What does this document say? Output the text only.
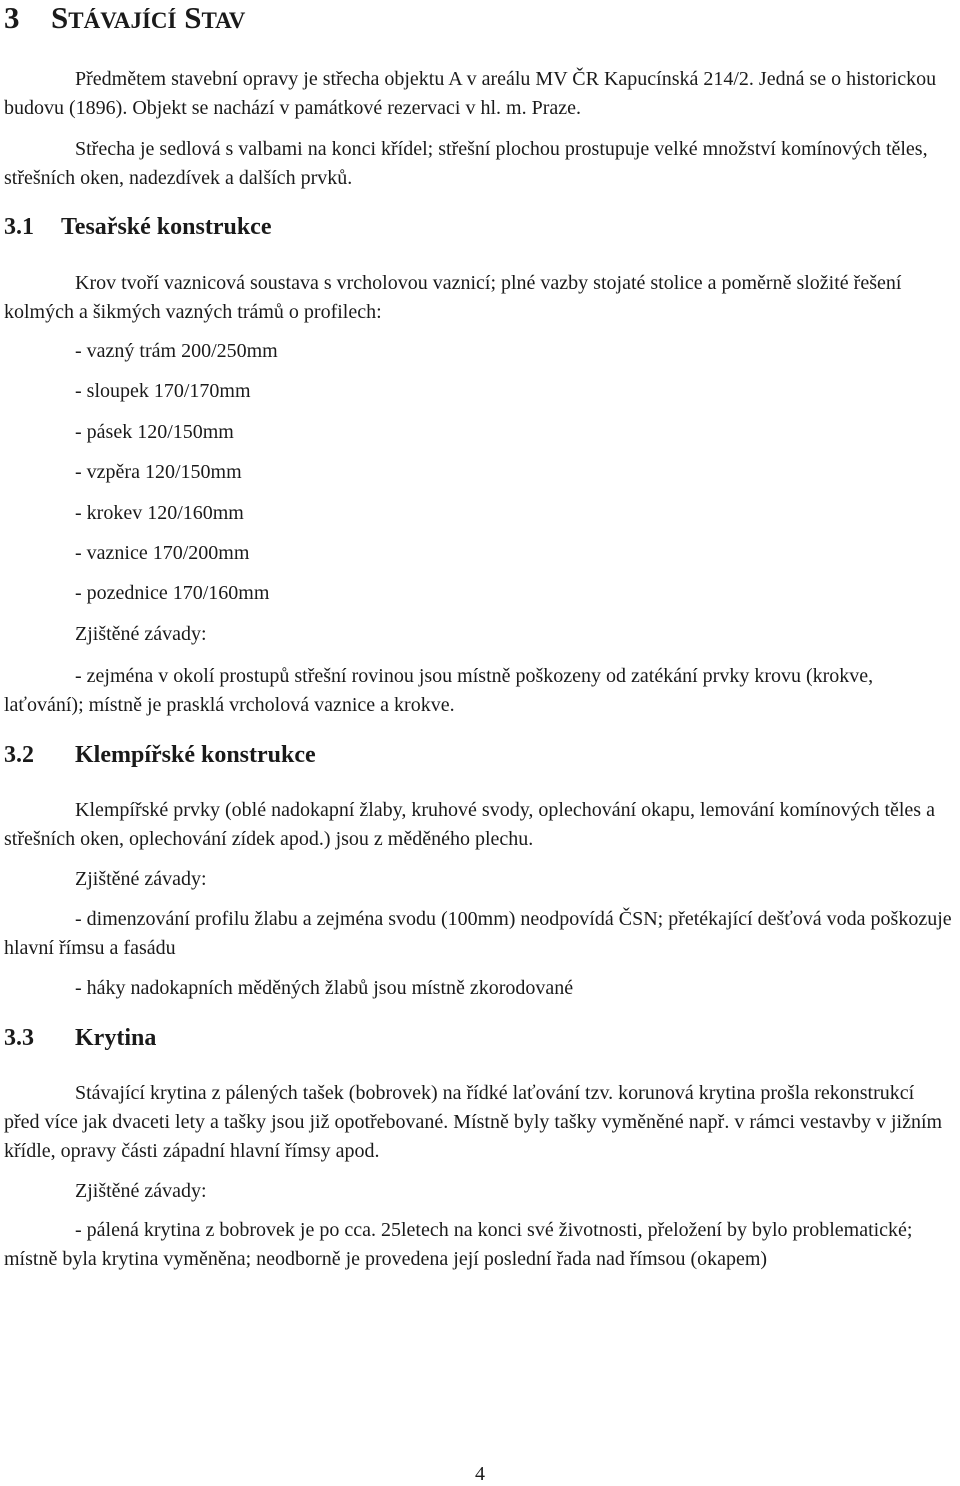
3 STÁVAJÍCÍ STAV

Předmětem stavební opravy je střecha objektu A v areálu MV ČR Kapucínská 214/2. Jedná se o historickou budovu (1896). Objekt se nachází v památkové rezervaci v hl. m. Praze.

Střecha je sedlová s valbami na konci křídel; střešní plochou prostupuje velké množství komínových těles, střešních oken, nadezdívek a dalších prvků.

3.1 Tesařské konstrukce

Krov tvoří vaznicová soustava s vrcholovou vaznicí; plné vazby stojaté stolice a poměrně složité řešení kolmých a šikmých vazných trámů o profilech:

- vazný trám 200/250mm
- sloupek 170/170mm
- pásek 120/150mm
- vzpěra 120/150mm
- krokev 120/160mm
- vaznice 170/200mm
- pozednice 170/160mm
Zjištěné závady:

- zejména v okolí prostupů střešní rovinou jsou místně poškozeny od zatékání prvky krovu (krokve, laťování); místně je prasklá vrcholová vaznice a krokve.

3.2 Klempířské konstrukce

Klempířské prvky (oblé nadokapní žlaby, kruhové svody, oplechování okapu, lemování komínových těles a střešních oken, oplechování zídek apod.) jsou z měděného plechu.

Zjištěné závady:

- dimenzování profilu žlabu a zejména svodu (100mm) neodpovídá ČSN; přetékající dešťová voda poškozuje hlavní římsu a fasádu

- háky nadokapních měděných žlabů jsou místně zkorodované

3.3 Krytina

Stávající krytina z pálených tašek (bobrovek) na řídké laťování tzv. korunová krytina prošla rekonstrukcí před více jak dvaceti lety a tašky jsou již opotřebované. Místně byly tašky vyměněné např. v rámci vestavby v jižním křídle, opravy části západní hlavní římsy apod.

Zjištěné závady:

- pálená krytina z bobrovek je po cca. 25letech na konci své životnosti, přeložení by bylo problematické; místně byla krytina vyměněna; neodborně je provedena její poslední řada nad římsou (okapem)

4
